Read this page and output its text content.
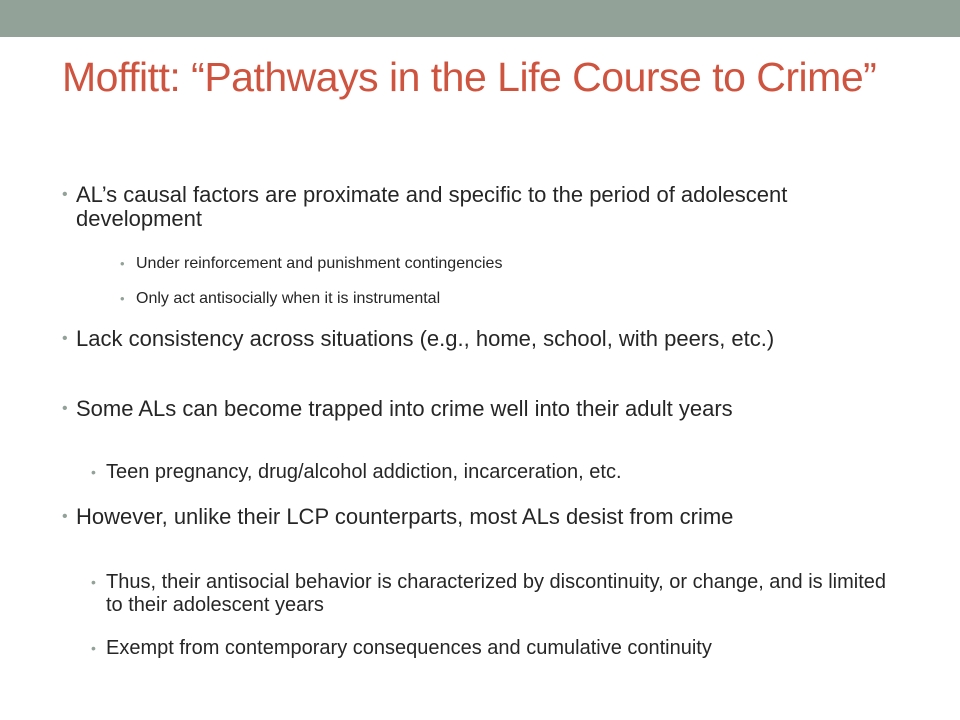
Moffitt: “Pathways in the Life Course to Crime”
• AL’s causal factors are proximate and specific to the period of adolescent development
• Under reinforcement and punishment contingencies
• Only act antisocially when it is instrumental
• Lack consistency across situations (e.g., home, school, with peers, etc.)
• Some ALs can become trapped into crime well into their adult years
• Teen pregnancy, drug/alcohol addiction, incarceration, etc.
• However, unlike their LCP counterparts, most ALs desist from crime
• Thus, their antisocial behavior is characterized by discontinuity, or change, and is limited to their adolescent years
• Exempt from contemporary consequences and cumulative continuity
